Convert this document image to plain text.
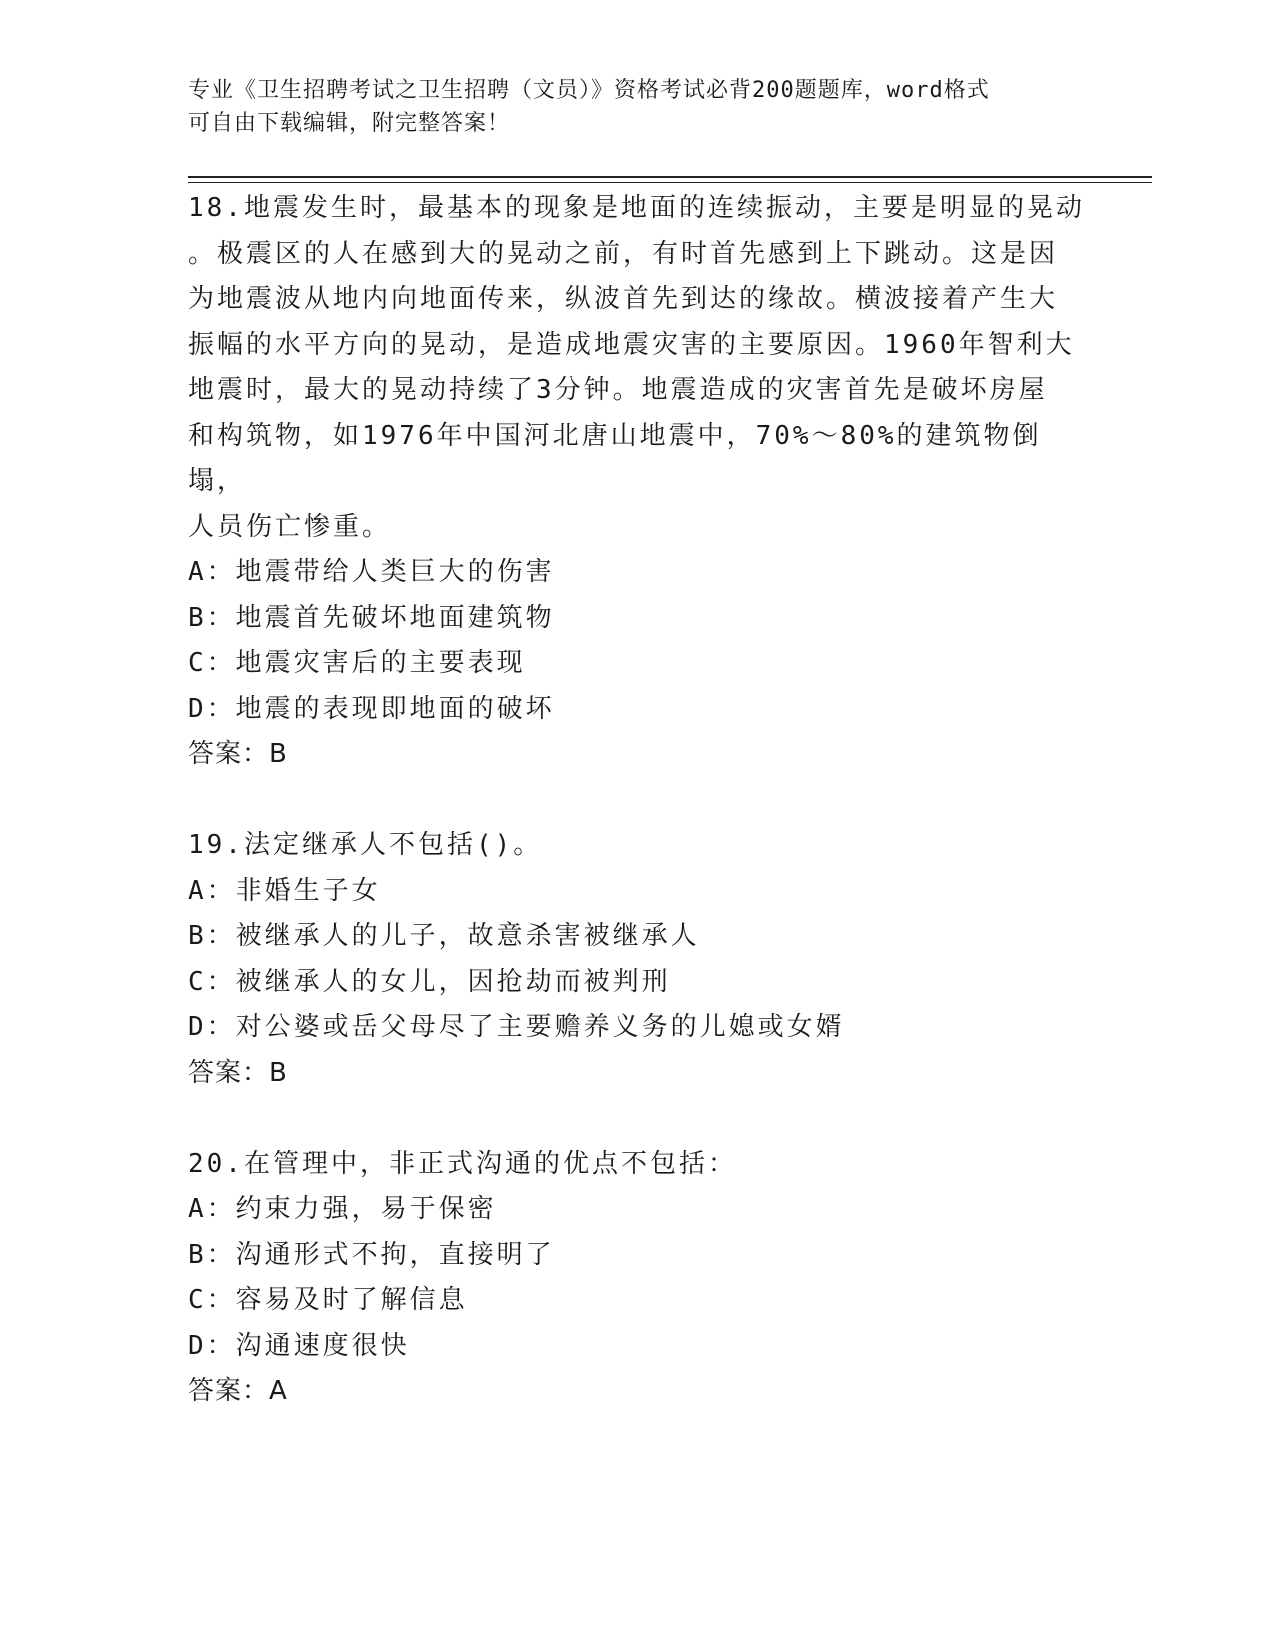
专业《卫生招聘考试之卫生招聘（文员）》资格考试必背200题题库，word格式
可自由下载编辑，附完整答案！

18.地震发生时，最基本的现象是地面的连续振动，主要是明显的晃动

。极震区的人在感到大的晃动之前，有时首先感到上下跳动。这是因

为地震波从地内向地面传来，纵波首先到达的缘故。横波接着产生大

振幅的水平方向的晃动，是造成地震灾害的主要原因。1960年智利大

地震时，最大的晃动持续了3分钟。地震造成的灾害首先是破坏房屋

和构筑物，如1976年中国河北唐山地震中，70%～80%的建筑物倒塌，

人员伤亡惨重。

A：地震带给人类巨大的伤害

B：地震首先破坏地面建筑物

C：地震灾害后的主要表现

D：地震的表现即地面的破坏

答案：B

19.法定继承人不包括()。

A：非婚生子女

B：被继承人的儿子，故意杀害被继承人

C：被继承人的女儿，因抢劫而被判刑

D：对公婆或岳父母尽了主要赡养义务的儿媳或女婿

答案：B

20.在管理中，非正式沟通的优点不包括：

A：约束力强，易于保密

B：沟通形式不拘，直接明了

C：容易及时了解信息

D：沟通速度很快

答案：A
